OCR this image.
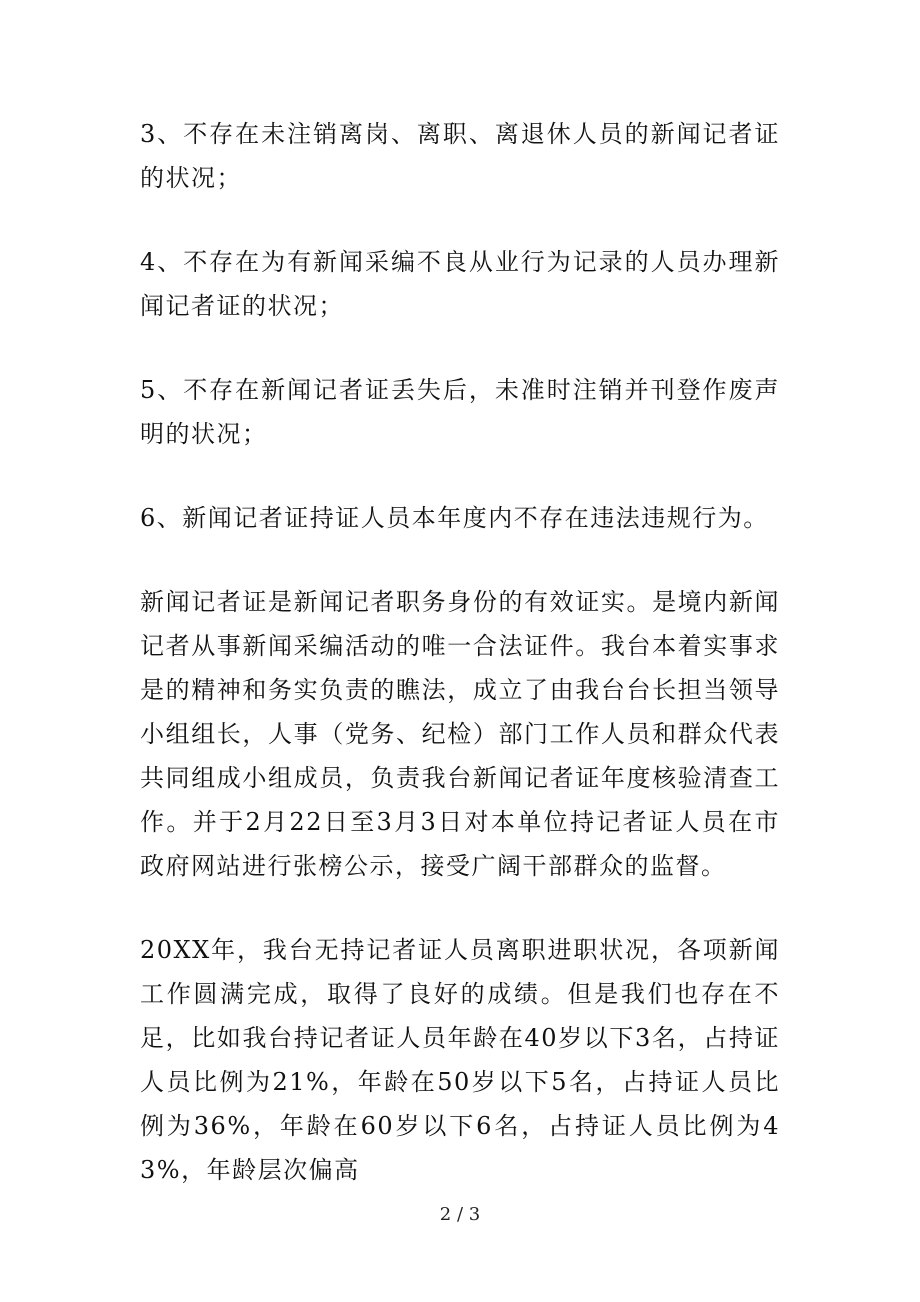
3、不存在未注销离岗、离职、离退休人员的新闻记者证的状况；

4、不存在为有新闻采编不良从业行为记录的人员办理新闻记者证的状况；

5、不存在新闻记者证丢失后，未准时注销并刊登作废声明的状况；

6、新闻记者证持证人员本年度内不存在违法违规行为。

新闻记者证是新闻记者职务身份的有效证实。是境内新闻记者从事新闻采编活动的唯一合法证件。我台本着实事求是的精神和务实负责的瞧法，成立了由我台台长担当领导小组组长，人事（党务、纪检）部门工作人员和群众代表共同组成小组成员，负责我台新闻记者证年度核验清查工作。并于2月22日至3月3日对本单位持记者证人员在市政府网站进行张榜公示，接受广阔干部群众的监督。

20XX年，我台无持记者证人员离职进职状况，各项新闻工作圆满完成，取得了良好的成绩。但是我们也存在不足，比如我台持记者证人员年龄在40岁以下3名，占持证人员比例为21%，年龄在50岁以下5名，占持证人员比例为36%，年龄在60岁以下6名，占持证人员比例为43%，年龄层次偏高

2 / 3
